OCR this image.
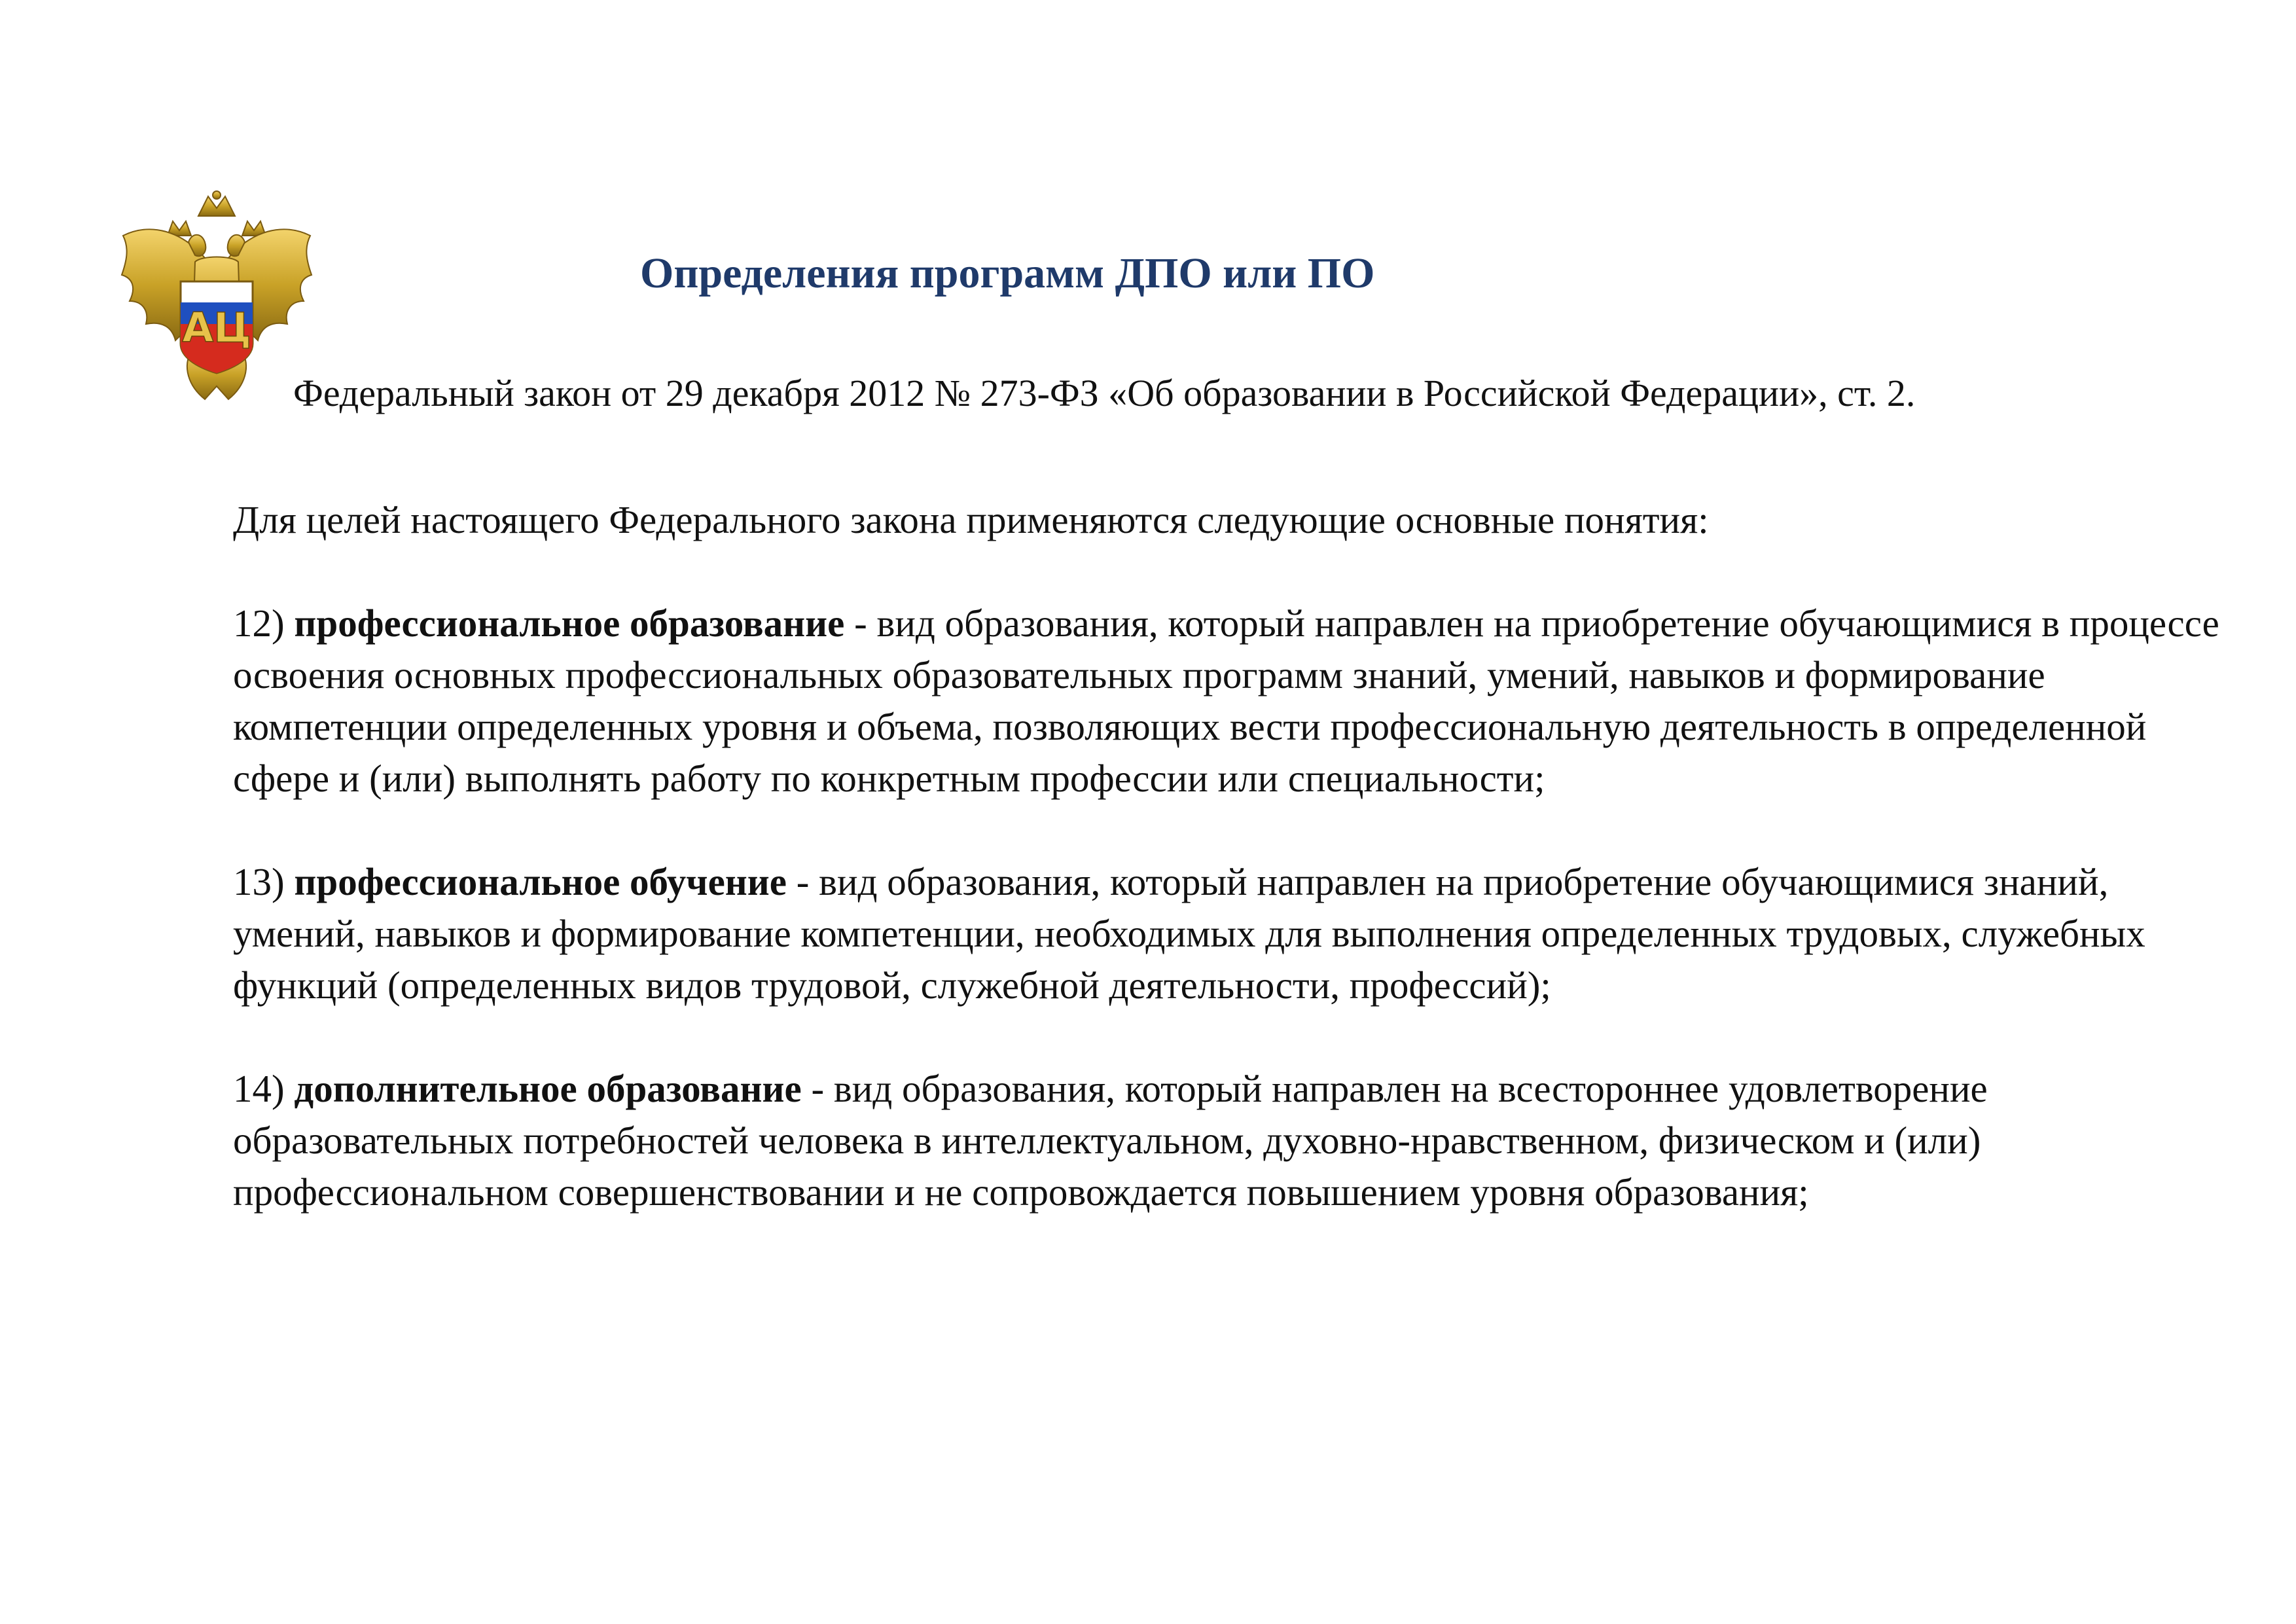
АЦ
Определения программ ДПО или ПО
Федеральный закон от 29 декабря 2012 № 273-ФЗ «Об образовании в Российской Федерации», ст. 2.

Для целей настоящего Федерального закона применяются следующие основные понятия:

12) профессиональное образование - вид образования, который направлен на приобретение обучающимися в процессе освоения основных профессиональных образовательных программ знаний, умений, навыков и формирование компетенции определенных уровня и объема, позволяющих вести профессиональную деятельность в определенной сфере и (или) выполнять работу по конкретным профессии или специальности;

13) профессиональное обучение - вид образования, который направлен на приобретение обучающимися знаний, умений, навыков и формирование компетенции, необходимых для выполнения определенных трудовых, служебных функций (определенных видов трудовой, служебной деятельности, профессий);

14) дополнительное образование - вид образования, который направлен на всестороннее удовлетворение образовательных потребностей человека в интеллектуальном, духовно-нравственном, физическом и (или) профессиональном совершенствовании и не сопровождается повышением уровня образования;
